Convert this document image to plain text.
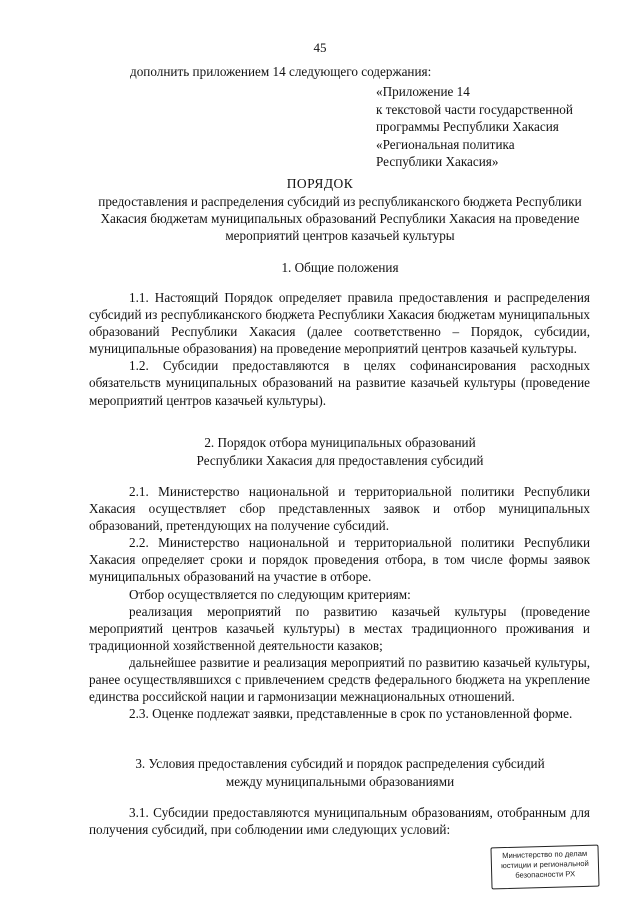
45
дополнить приложением 14 следующего содержания:
«Приложение 14
к текстовой части государственной
программы Республики Хакасия
«Региональная политика
Республики Хакасия»
ПОРЯДОК
предоставления и распределения субсидий из республиканского бюджета Республики Хакасия бюджетам муниципальных образований Республики Хакасия на проведение мероприятий центров казачьей культуры
1. Общие положения

1.1. Настоящий Порядок определяет правила предоставления и распределения субсидий из республиканского бюджета Республики Хакасия бюджетам муниципальных образований Республики Хакасия (далее соответственно – Порядок, субсидии, муниципальные образования) на проведение мероприятий центров казачьей культуры.

1.2. Субсидии предоставляются в целях софинансирования расходных обязательств муниципальных образований на развитие казачьей культуры (проведение мероприятий центров казачьей культуры).

2. Порядок отбора муниципальных образований
Республики Хакасия для предоставления субсидий

2.1. Министерство национальной и территориальной политики Республики Хакасия осуществляет сбор представленных заявок и отбор муниципальных образований, претендующих на получение субсидий.

2.2. Министерство национальной и территориальной политики Республики Хакасия определяет сроки и порядок проведения отбора, в том числе формы заявок муниципальных образований на участие в отборе.

Отбор осуществляется по следующим критериям:

реализация мероприятий по развитию казачьей культуры (проведение мероприятий центров казачьей культуры) в местах традиционного проживания и традиционной хозяйственной деятельности казаков;

дальнейшее развитие и реализация мероприятий по развитию казачьей культуры, ранее осуществлявшихся с привлечением средств федерального бюджета на укрепление единства российской нации и гармонизации межнациональных отношений.

2.3. Оценке подлежат заявки, представленные в срок по установленной форме.

3. Условия предоставления субсидий и порядок распределения субсидий
между муниципальными образованиями

3.1. Субсидии предоставляются муниципальным образованиям, отобранным для получения субсидий, при соблюдении ими следующих условий:

Министерство по делам
юстиции и региональной
безопасности РХ
